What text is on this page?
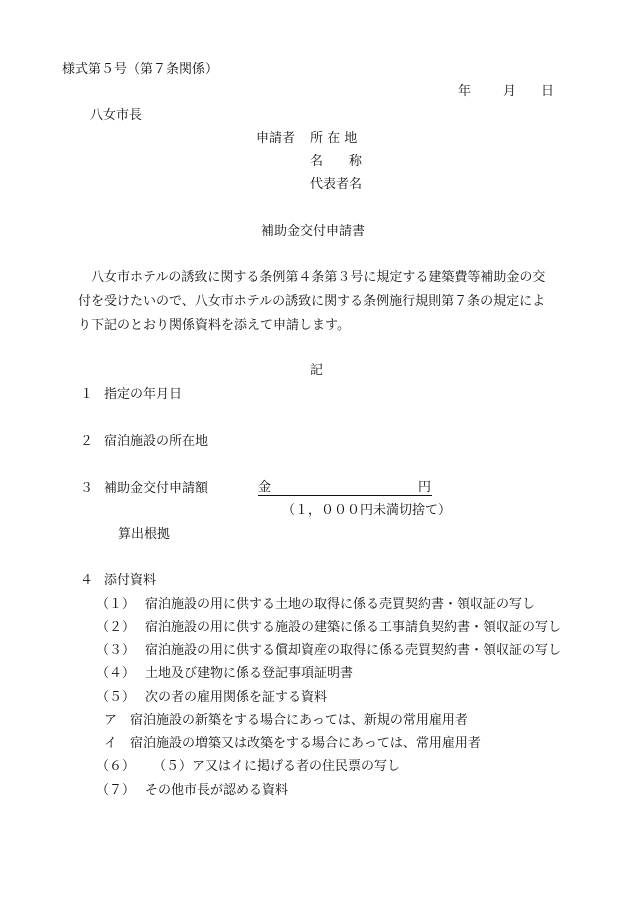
様式第５号（第７条関係）
年 月 日
八女市長
申請者 所 在 地
名　　称
代表者名
補助金交付申請書

八女市ホテルの誘致に関する条例第４条第３号に規定する建築費等補助金の交

付を受けたいので、八女市ホテルの誘致に関する条例施行規則第７条の規定によ

り下記のとおり関係資料を添えて申請します。

記
１ 指定の年月日
２ 宿泊施設の所在地
３ 補助金交付申請額	金	円
（１，０００円未満切捨て）
算出根拠
４ 添付資料
（１） 宿泊施設の用に供する土地の取得に係る売買契約書・領収証の写し
（２） 宿泊施設の用に供する施設の建築に係る工事請負契約書・領収証の写し
（３） 宿泊施設の用に供する償却資産の取得に係る売買契約書・領収証の写し
（４） 土地及び建物に係る登記事項証明書
（５） 次の者の雇用関係を証する資料
ア 宿泊施設の新築をする場合にあっては、新規の常用雇用者
イ 宿泊施設の増築又は改築をする場合にあっては、常用雇用者
（６） （５）ア又はイに掲げる者の住民票の写し
（７） その他市長が認める資料
